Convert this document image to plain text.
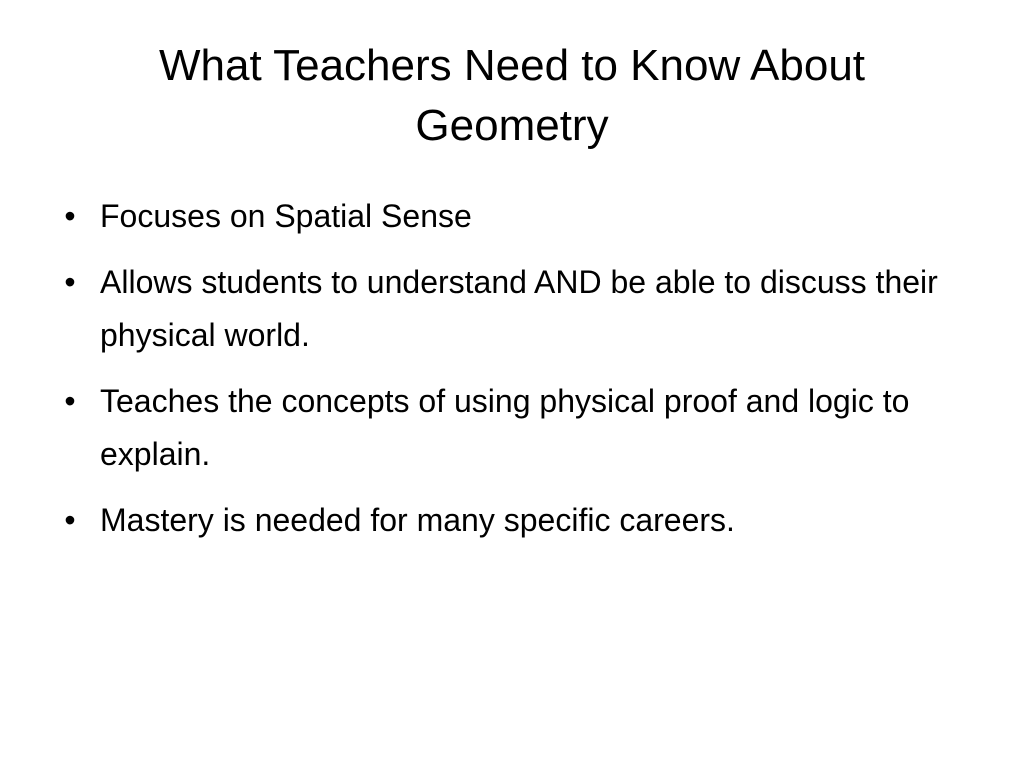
What Teachers Need to Know About Geometry
• Focuses on Spatial Sense
• Allows students to understand AND be able to discuss their physical world.
• Teaches the concepts of using physical proof and logic to explain.
• Mastery is needed for many specific careers.
